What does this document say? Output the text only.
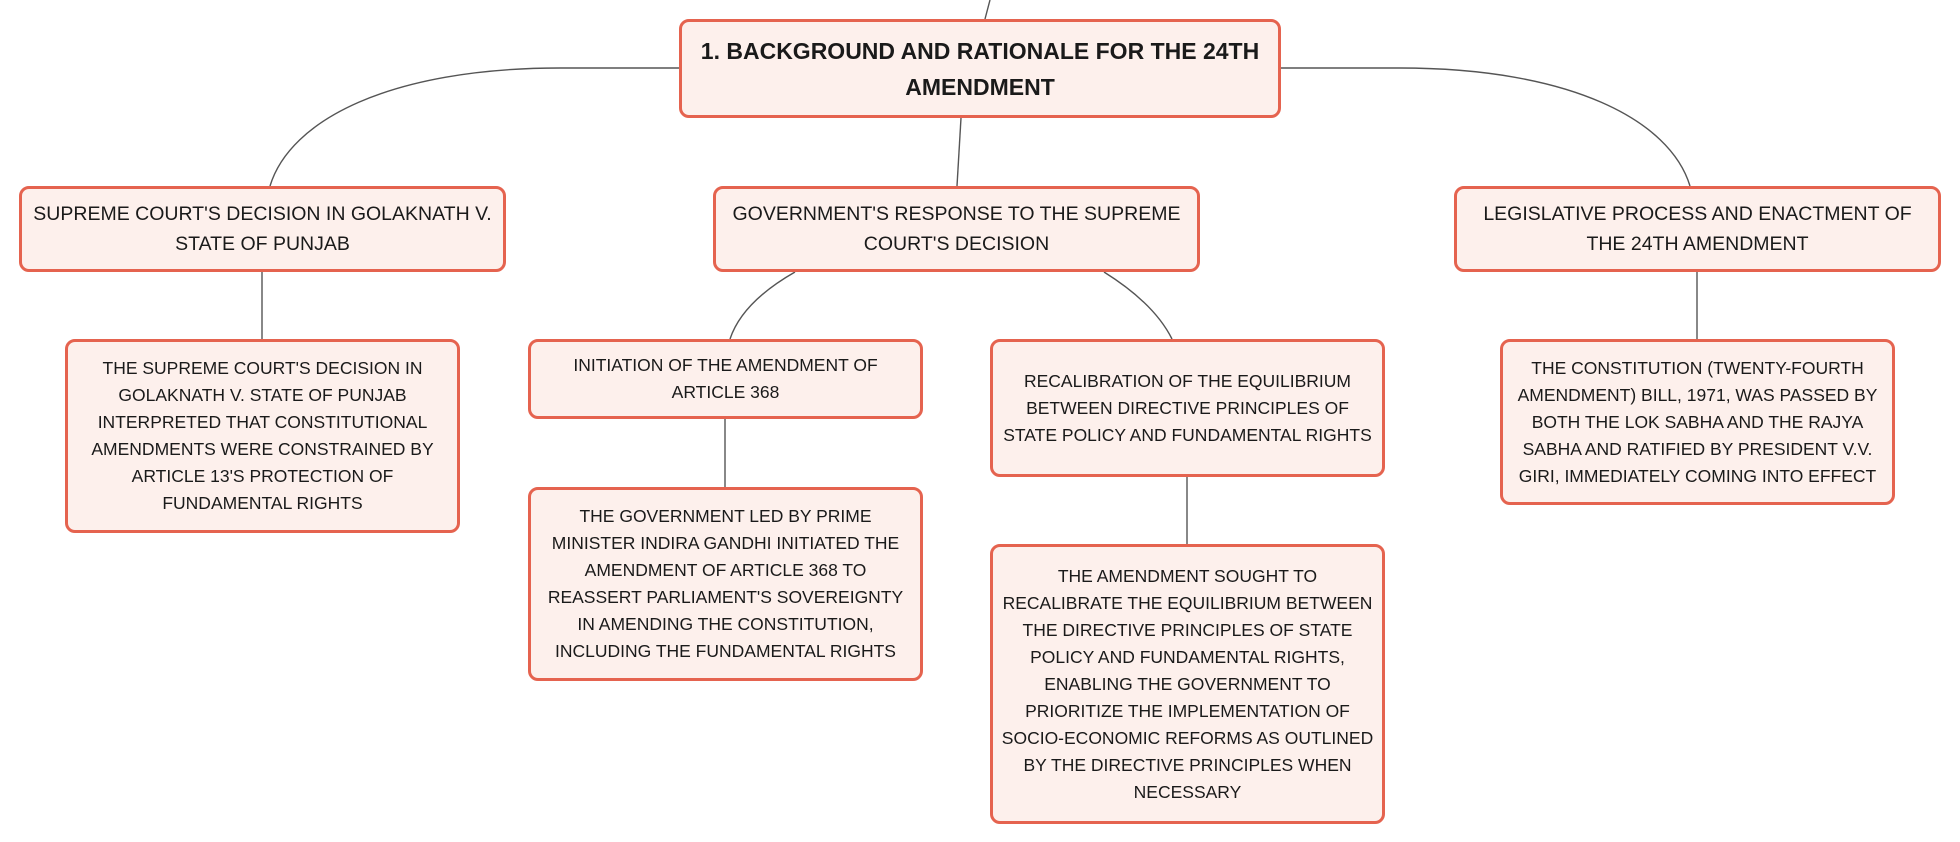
1. BACKGROUND AND RATIONALE FOR THE 24TH AMENDMENT
SUPREME COURT'S DECISION IN GOLAKNATH V. STATE OF PUNJAB
GOVERNMENT'S RESPONSE TO THE SUPREME COURT'S DECISION
LEGISLATIVE PROCESS AND ENACTMENT OF THE 24TH AMENDMENT
THE SUPREME COURT'S DECISION IN GOLAKNATH V. STATE OF PUNJAB INTERPRETED THAT CONSTITUTIONAL AMENDMENTS WERE CONSTRAINED BY ARTICLE 13'S PROTECTION OF FUNDAMENTAL RIGHTS
INITIATION OF THE AMENDMENT OF ARTICLE 368
RECALIBRATION OF THE EQUILIBRIUM BETWEEN DIRECTIVE PRINCIPLES OF STATE POLICY AND FUNDAMENTAL RIGHTS
THE CONSTITUTION (TWENTY-FOURTH AMENDMENT) BILL, 1971, WAS PASSED BY BOTH THE LOK SABHA AND THE RAJYA SABHA AND RATIFIED BY PRESIDENT V.V. GIRI, IMMEDIATELY COMING INTO EFFECT
THE GOVERNMENT LED BY PRIME MINISTER INDIRA GANDHI INITIATED THE AMENDMENT OF ARTICLE 368 TO REASSERT PARLIAMENT'S SOVEREIGNTY IN AMENDING THE CONSTITUTION, INCLUDING THE FUNDAMENTAL RIGHTS
THE AMENDMENT SOUGHT TO RECALIBRATE THE EQUILIBRIUM BETWEEN THE DIRECTIVE PRINCIPLES OF STATE POLICY AND FUNDAMENTAL RIGHTS, ENABLING THE GOVERNMENT TO PRIORITIZE THE IMPLEMENTATION OF SOCIO-ECONOMIC REFORMS AS OUTLINED BY THE DIRECTIVE PRINCIPLES WHEN NECESSARY
